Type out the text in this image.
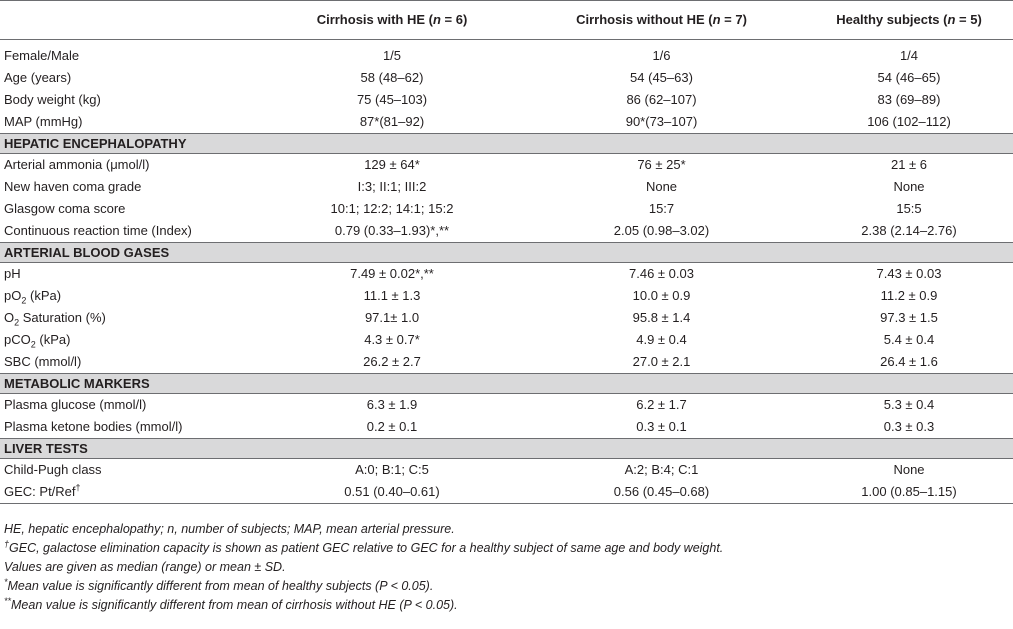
	Cirrhosis with HE (n = 6)	Cirrhosis without HE (n = 7)	Healthy subjects (n = 5)

Female/Male	1/5	1/6	1/4
Age (years)	58 (48–62)	54 (45–63)	54 (46–65)
Body weight (kg)	75 (45–103)	86 (62–107)	83 (69–89)
MAP (mmHg)	87*(81–92)	90*(73–107)	106 (102–112)
HEPATIC ENCEPHALOPATHY			
Arterial ammonia (μmol/l)	129 ± 64*	76 ± 25*	21 ± 6
New haven coma grade	I:3; II:1; III:2	None	None
Glasgow coma score	10:1; 12:2; 14:1; 15:2	15:7	15:5
Continuous reaction time (Index)	0.79 (0.33–1.93)*,**	2.05 (0.98–3.02)	2.38 (2.14–2.76)
ARTERIAL BLOOD GASES			
pH	7.49 ± 0.02*,**	7.46 ± 0.03	7.43 ± 0.03
$pO_2$ (kPa)	11.1 ± 1.3	10.0 ± 0.9	11.2 ± 0.9
$O_2$ Saturation (%)	97.1± 1.0	95.8 ± 1.4	97.3 ± 1.5
pCO$_2$ (kPa)	4.3 ± 0.7*	4.9 ± 0.4	5.4 ± 0.4
SBC (mmol/l)	26.2 ± 2.7	27.0 ± 2.1	26.4 ± 1.6
METABOLIC MARKERS			
Plasma glucose (mmol/l)	6.3 ± 1.9	6.2 ± 1.7	5.3 ± 0.4
Plasma ketone bodies (mmol/l)	0.2 ± 0.1	0.3 ± 0.1	0.3 ± 0.3
LIVER TESTS			
Child-Pugh class	A:0; B:1; C:5	A:2; B:4; C:1	None
GEC: Pt/Ref†	0.51 (0.40–0.61)	0.56 (0.45–0.68)	1.00 (0.85–1.15)
HE, hepatic encephalopathy; n, number of subjects; MAP, mean arterial pressure.
†GEC, galactose elimination capacity is shown as patient GEC relative to GEC for a healthy subject of same age and body weight.
Values are given as median (range) or mean ± SD.
*Mean value is significantly different from mean of healthy subjects (P < 0.05).
**Mean value is significantly different from mean of cirrhosis without HE (P < 0.05).
